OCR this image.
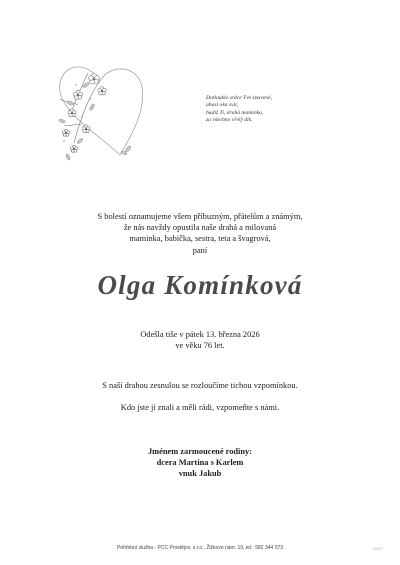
Dotlouklo srdce Tvé znavené,
uhasl oka svit,
budiž Ti, drahá maminko,
za všechno vřelý dík.
S bolestí oznamujeme všem příbuzným, přátelům a známým,
že nás navždy opustila naše drahá a milovaná
maminka, babička, sestra, teta a švagrová,
paní
Olga Komínková
Odešla tiše v pátek 13. března 2026
ve věku 76 let.
S naší drahou zesnulou se rozloučíme tichou vzpomínkou.
Kdo jste ji znali a měli rádi, vzpomeňte s námi.
Jménem zarmoucené rodiny:
dcera Martina s Karlem
vnuk Jakub
Pohřební služba - PCC Prostějov, s.r.o., Žižkovo nám. 19, tel.: 582 344 073	1402/7
